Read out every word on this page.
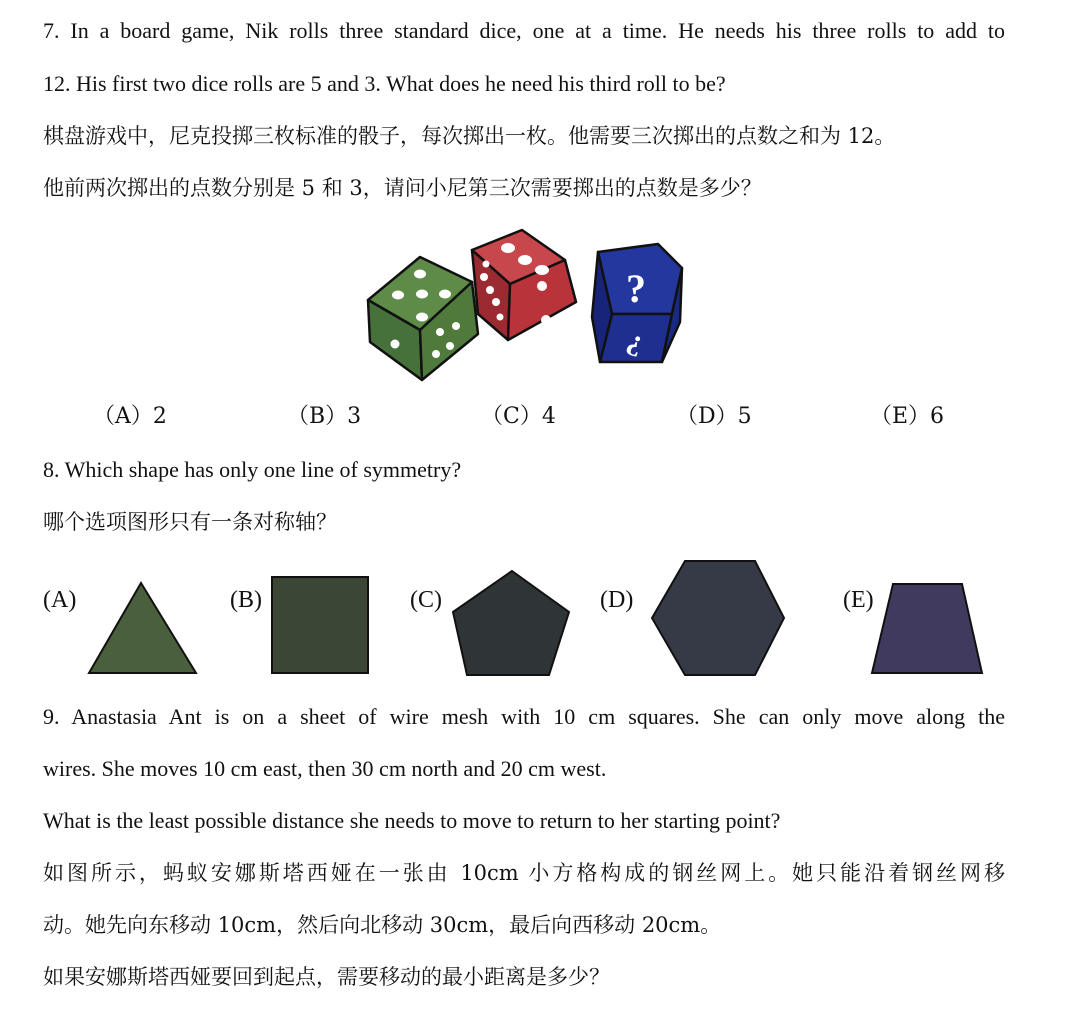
7. In a board game, Nik rolls three standard dice, one at a time. He needs his three rolls to add to
12. His first two dice rolls are 5 and 3. What does he need his third roll to be?
棋盘游戏中，尼克投掷三枚标准的骰子，每次掷出一枚。他需要三次掷出的点数之和为 12。
他前两次掷出的点数分别是 5 和 3，请问小尼第三次需要掷出的点数是多少？
?
?
（A）2	（B）3	（C）4	（D）5	（E）6
8. Which shape has only one line of symmetry?
哪个选项图形只有一条对称轴？
(A)	(B)	(C)	(D)	(E)
9. Anastasia Ant is on a sheet of wire mesh with 10 cm squares. She can only move along the
wires. She moves 10 cm east, then 30 cm north and 20 cm west.
What is the least possible distance she needs to move to return to her starting point?
如图所示，蚂蚁安娜斯塔西娅在一张由 10cm 小方格构成的钢丝网上。她只能沿着钢丝网移
动。她先向东移动 10cm，然后向北移动 30cm，最后向西移动 20cm。
如果安娜斯塔西娅要回到起点，需要移动的最小距离是多少？
